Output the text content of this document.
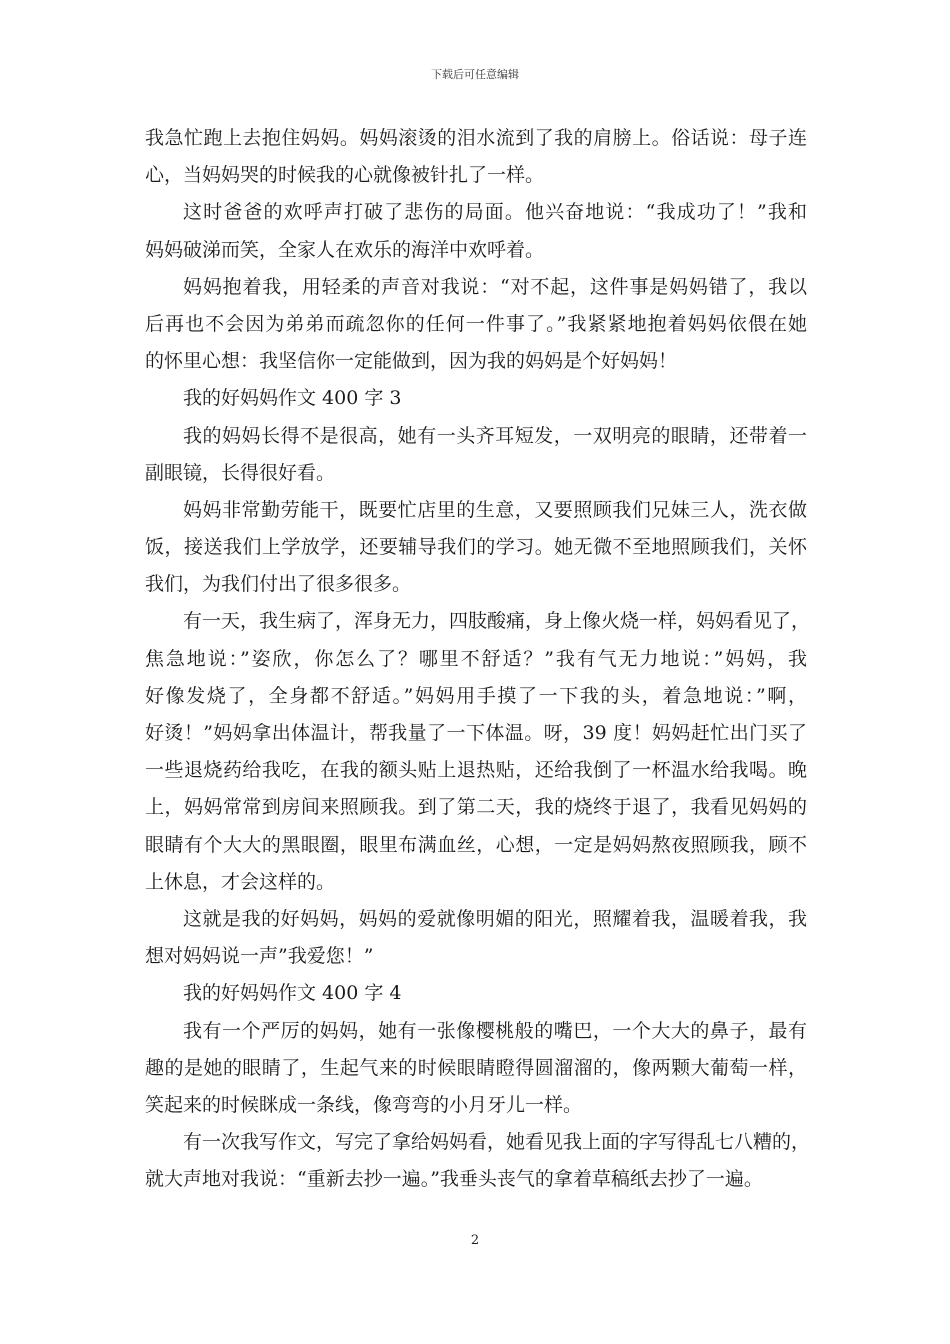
下载后可任意编辑
我急忙跑上去抱住妈妈。妈妈滚烫的泪水流到了我的肩膀上。俗话说：母子连
心，当妈妈哭的时候我的心就像被针扎了一样。
这时爸爸的欢呼声打破了悲伤的局面。他兴奋地说：“我成功了！”我和
妈妈破涕而笑，全家人在欢乐的海洋中欢呼着。
妈妈抱着我，用轻柔的声音对我说：“对不起，这件事是妈妈错了，我以
后再也不会因为弟弟而疏忽你的任何一件事了。”我紧紧地抱着妈妈依偎在她
的怀里心想：我坚信你一定能做到，因为我的妈妈是个好妈妈！
我的好妈妈作文 400 字 3
我的妈妈长得不是很高，她有一头齐耳短发，一双明亮的眼睛，还带着一
副眼镜，长得很好看。
妈妈非常勤劳能干，既要忙店里的生意，又要照顾我们兄妹三人，洗衣做
饭，接送我们上学放学，还要辅导我们的学习。她无微不至地照顾我们，关怀
我们，为我们付出了很多很多。
有一天，我生病了，浑身无力，四肢酸痛，身上像火烧一样，妈妈看见了，
焦急地说：”姿欣，你怎么了？哪里不舒适？”我有气无力地说：”妈妈，我
好像发烧了，全身都不舒适。”妈妈用手摸了一下我的头，着急地说：”啊，
好烫！”妈妈拿出体温计，帮我量了一下体温。呀，39 度！妈妈赶忙出门买了
一些退烧药给我吃，在我的额头贴上退热贴，还给我倒了一杯温水给我喝。晚
上，妈妈常常到房间来照顾我。到了第二天，我的烧终于退了，我看见妈妈的
眼睛有个大大的黑眼圈，眼里布满血丝，心想，一定是妈妈熬夜照顾我，顾不
上休息，才会这样的。
这就是我的好妈妈，妈妈的爱就像明媚的阳光，照耀着我，温暖着我，我
想对妈妈说一声”我爱您！”
我的好妈妈作文 400 字 4
我有一个严厉的妈妈，她有一张像樱桃般的嘴巴，一个大大的鼻子，最有
趣的是她的眼睛了，生起气来的时候眼睛瞪得圆溜溜的，像两颗大葡萄一样，
笑起来的时候眯成一条线，像弯弯的小月牙儿一样。
有一次我写作文，写完了拿给妈妈看，她看见我上面的字写得乱七八糟的，
就大声地对我说：“重新去抄一遍。”我垂头丧气的拿着草稿纸去抄了一遍。
2
